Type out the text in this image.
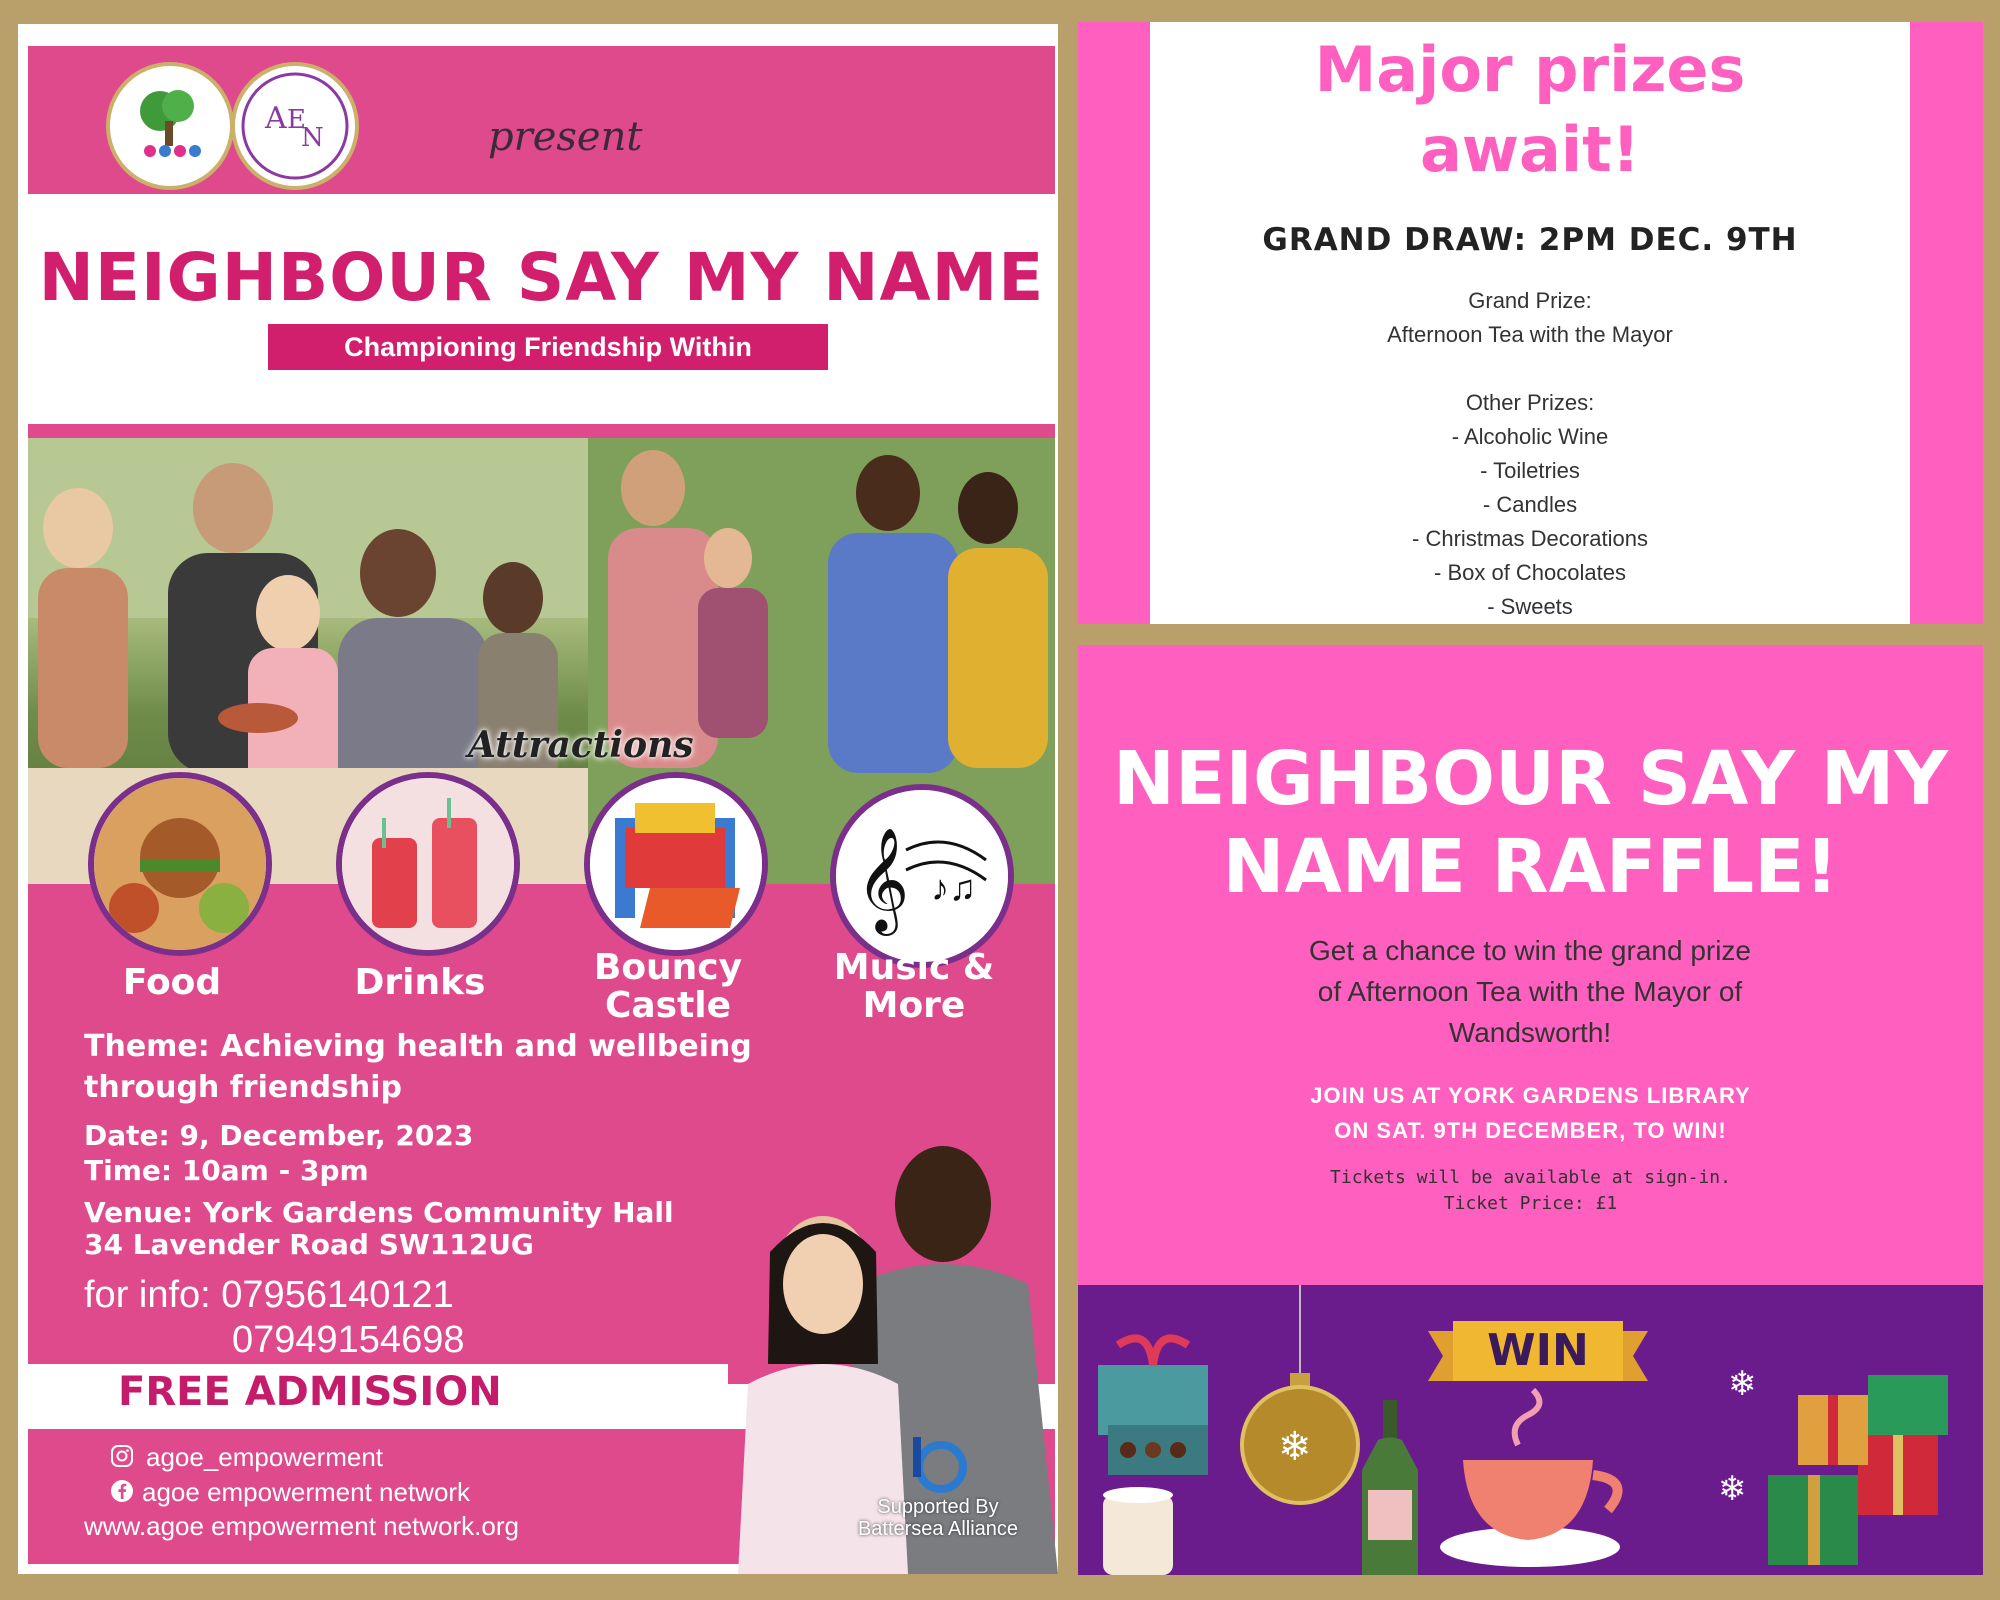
A E
N	present
NEIGHBOUR SAY MY NAME
Championing Friendship Within Neighourhood
Attractions
𝄞 ♪♫
Food	Drinks	Bouncy Castle
Music & More
Theme: Achieving health and wellbeing
through friendship
Date: 9, December, 2023
Time: 10am - 3pm
Venue: York Gardens Community Hall
34 Lavender Road SW112UG
for info: 07956140121
07949154698
FREE ADMISSION
agoe_empowerment
agoe empowerment network
www.agoe empowerment network.org
Supported By
Battersea Alliance
Major prizes
await!
GRAND DRAW: 2PM DEC. 9TH
Grand Prize:
Afternoon Tea with the Mayor
Other Prizes:
- Alcoholic Wine
- Toiletries
- Candles
- Christmas Decorations
- Box of Chocolates
- Sweets
NEIGHBOUR SAY MY
NAME RAFFLE!
Get a chance to win the grand prize
of Afternoon Tea with the Mayor of
Wandsworth!
JOIN US AT YORK GARDENS LIBRARY
ON SAT. 9TH DECEMBER, TO WIN!
Tickets will be available at sign-in.
Ticket Price: £1
❄
❄
❄
WIN
